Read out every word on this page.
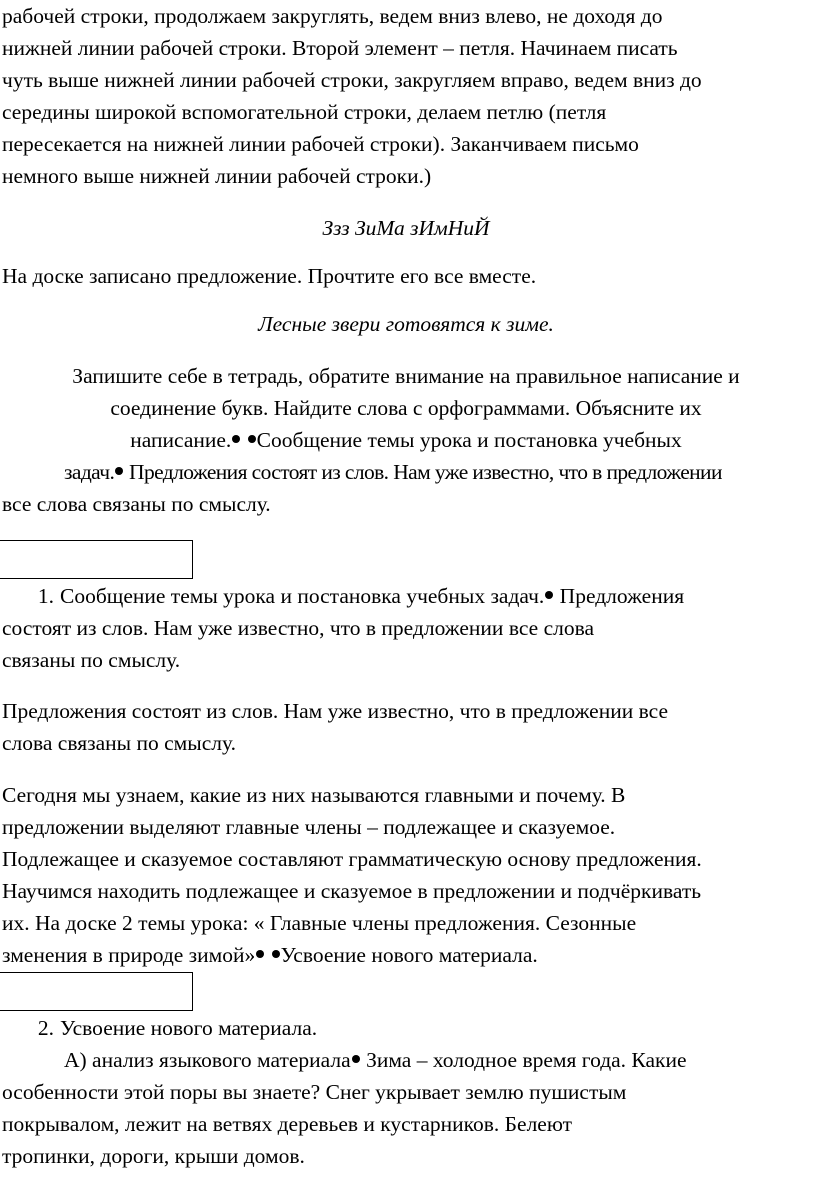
рабочей строки, продолжаем закруглять, ведем вниз влево, не доходя до

нижней линии рабочей строки. Второй элемент – петля. Начинаем писать

чуть выше нижней линии рабочей строки, закругляем вправо, ведем вниз до

середины широкой вспомогательной строки, делаем петлю (петля

пересекается на нижней линии рабочей строки). Заканчиваем письмо

немного выше нижней линии рабочей строки.)

Ззз ЗиМа зИмНиЙ

На доске записано предложение. Прочтите его все вместе.

Лесные звери готовятся к зиме.

Запишите себе в тетрадь, обратите внимание на правильное написание и

соединение букв. Найдите слова с орфограммами. Объясните их

написание. Сообщение темы урока и постановка учебных

задач. Предложения состоят из слов. Нам уже известно, что в предложении

все слова связаны по смыслу.

1. Сообщение темы урока и постановка учебных задач. Предложения

состоят из слов. Нам уже известно, что в предложении все слова

связаны по смыслу.

Предложения состоят из слов. Нам уже известно, что в предложении все

слова связаны по смыслу.

Сегодня мы узнаем, какие из них называются главными и почему. В

предложении выделяют главные члены – подлежащее и сказуемое.

Подлежащее и сказуемое составляют грамматическую основу предложения.

Научимся находить подлежащее и сказуемое в предложении и подчёркивать

их. На доске 2 темы урока: « Главные члены предложения. Сезонные

зменения в природе зимой» Усвоение нового материала.

2. Усвоение нового материала.

А) анализ языкового материала Зима – холодное время года. Какие

особенности этой поры вы знаете? Снег укрывает землю пушистым

покрывалом, лежит на ветвях деревьев и кустарников. Белеют

тропинки, дороги, крыши домов.
